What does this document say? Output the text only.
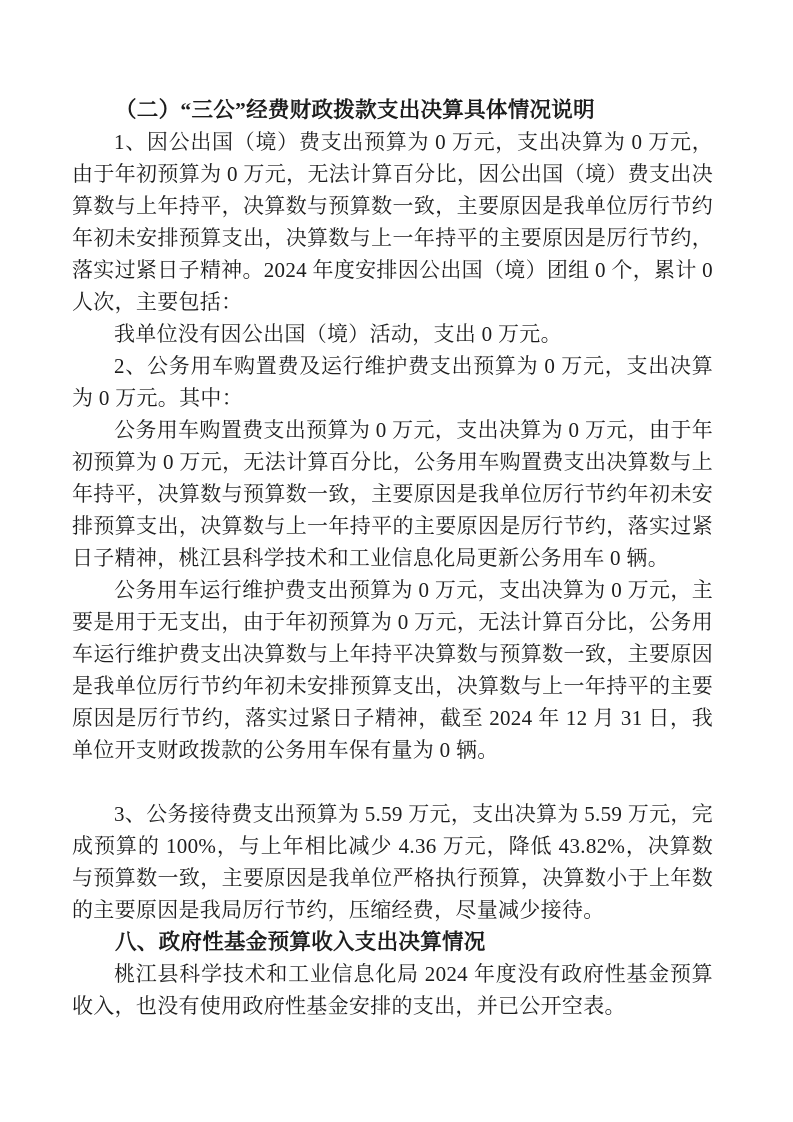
（二）“三公”经费财政拨款支出决算具体情况说明

1、因公出国（境）费支出预算为 0 万元，支出决算为 0 万元，由于年初预算为 0 万元，无法计算百分比，因公出国（境）费支出决算数与上年持平，决算数与预算数一致，主要原因是我单位厉行节约年初未安排预算支出，决算数与上一年持平的主要原因是厉行节约，落实过紧日子精神。2024 年度安排因公出国（境）团组 0 个，累计 0 人次，主要包括：

我单位没有因公出国（境）活动，支出 0 万元。

2、公务用车购置费及运行维护费支出预算为 0 万元，支出决算为 0 万元。其中：

公务用车购置费支出预算为 0 万元，支出决算为 0 万元，由于年初预算为 0 万元，无法计算百分比，公务用车购置费支出决算数与上年持平，决算数与预算数一致，主要原因是我单位厉行节约年初未安排预算支出，决算数与上一年持平的主要原因是厉行节约，落实过紧日子精神，桃江县科学技术和工业信息化局更新公务用车 0 辆。

公务用车运行维护费支出预算为 0 万元，支出决算为 0 万元，主要是用于无支出，由于年初预算为 0 万元，无法计算百分比，公务用车运行维护费支出决算数与上年持平决算数与预算数一致，主要原因是我单位厉行节约年初未安排预算支出，决算数与上一年持平的主要原因是厉行节约，落实过紧日子精神，截至 2024 年 12 月 31 日，我单位开支财政拨款的公务用车保有量为 0 辆。

3、公务接待费支出预算为 5.59 万元，支出决算为 5.59 万元，完成预算的 100%，与上年相比减少 4.36 万元，降低 43.82%，决算数与预算数一致，主要原因是我单位严格执行预算，决算数小于上年数的主要原因是我局厉行节约，压缩经费，尽量减少接待。

八、政府性基金预算收入支出决算情况

桃江县科学技术和工业信息化局 2024 年度没有政府性基金预算收入，也没有使用政府性基金安排的支出，并已公开空表。
